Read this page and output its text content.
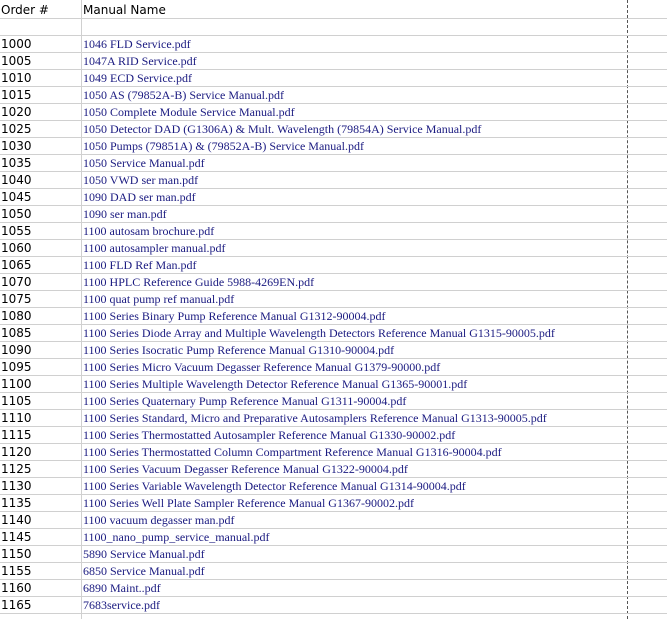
Order #	Manual Name
1000	1046 FLD Service.pdf
1005	1047A RID Service.pdf
1010	1049 ECD Service.pdf
1015	1050 AS (79852A-B) Service Manual.pdf
1020	1050 Complete Module Service Manual.pdf
1025	1050 Detector DAD (G1306A) & Mult. Wavelength (79854A) Service Manual.pdf
1030	1050 Pumps (79851A) & (79852A-B) Service Manual.pdf
1035	1050 Service Manual.pdf
1040	1050 VWD ser man.pdf
1045	1090 DAD ser man.pdf
1050	1090 ser man.pdf
1055	1100 autosam brochure.pdf
1060	1100 autosampler manual.pdf
1065	1100 FLD Ref Man.pdf
1070	1100 HPLC Reference Guide 5988-4269EN.pdf
1075	1100 quat pump ref manual.pdf
1080	1100 Series Binary Pump Reference Manual G1312-90004.pdf
1085	1100 Series Diode Array and Multiple Wavelength Detectors Reference Manual G1315-90005.pdf
1090	1100 Series Isocratic Pump Reference Manual G1310-90004.pdf
1095	1100 Series Micro Vacuum Degasser Reference Manual G1379-90000.pdf
1100	1100 Series Multiple Wavelength Detector Reference Manual G1365-90001.pdf
1105	1100 Series Quaternary Pump Reference Manual G1311-90004.pdf
1110	1100 Series Standard, Micro and Preparative Autosamplers Reference Manual G1313-90005.pdf
1115	1100 Series Thermostatted Autosampler Reference Manual G1330-90002.pdf
1120	1100 Series Thermostatted Column Compartment Reference Manual G1316-90004.pdf
1125	1100 Series Vacuum Degasser Reference Manual G1322-90004.pdf
1130	1100 Series Variable Wavelength Detector Reference Manual G1314-90004.pdf
1135	1100 Series Well Plate Sampler Reference Manual G1367-90002.pdf
1140	1100 vacuum degasser man.pdf
1145	1100_nano_pump_service_manual.pdf
1150	5890 Service Manual.pdf
1155	6850 Service Manual.pdf
1160	6890 Maint..pdf
1165	7683service.pdf
